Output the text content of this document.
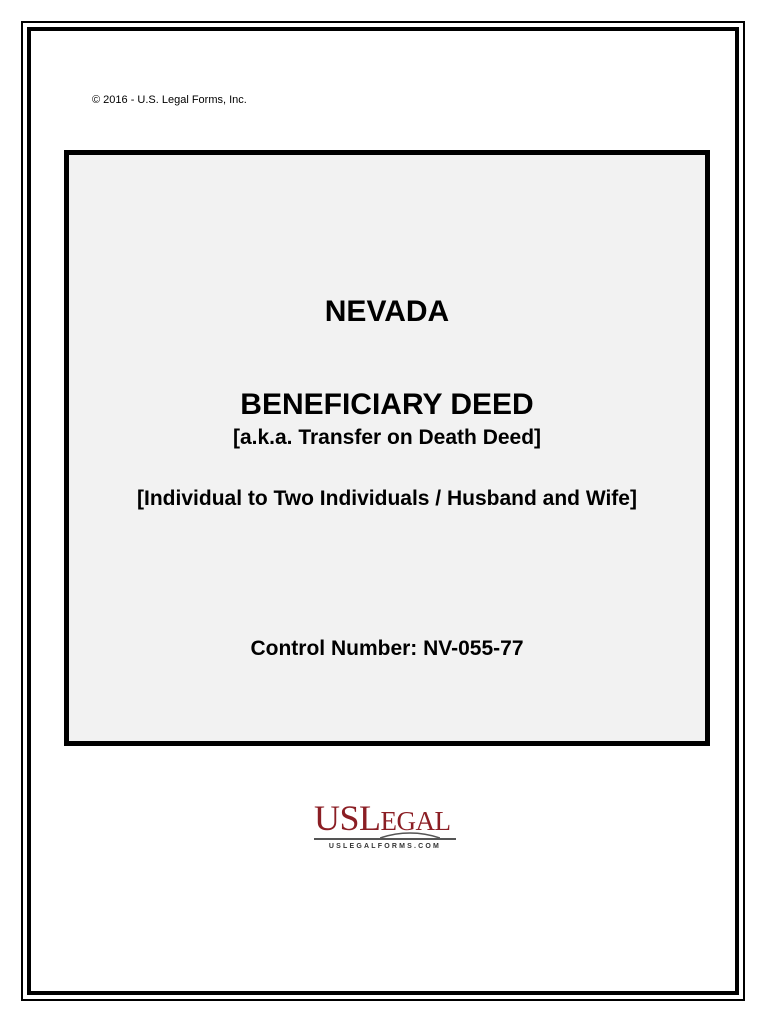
© 2016 - U.S. Legal Forms, Inc.
NEVADA
BENEFICIARY DEED
[a.k.a. Transfer on Death Deed]
[Individual to Two Individuals / Husband and Wife]
Control Number: NV-055-77
USLEGAL
USLEGALFORMS.COM
